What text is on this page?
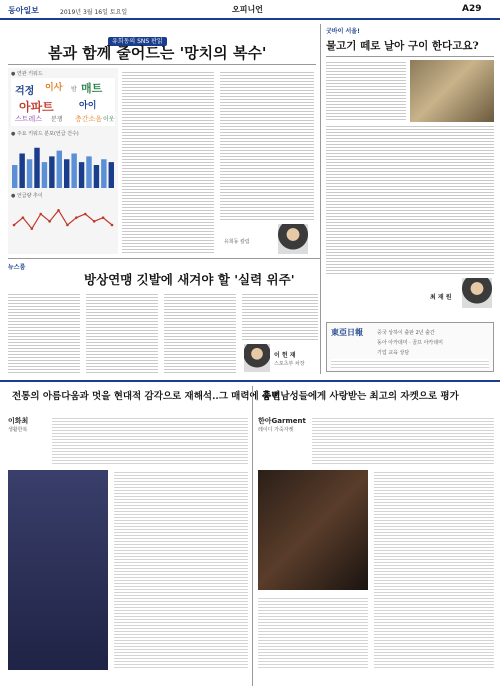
동아일보	2019년 3월 16일 토요일	오피니언	A29
유희동의 SNS 판읽
봄과 함께 줄어드는 '망치의 복수'
● 연관 키워드
걱정 이사 밤 매트
아파트	아이
스트레스 분쟁 층간소음 이웃
● 주요 키워드 분포(언급 건수)
● 언급량 추이
유희동 칼럼
굿바이 서울!
물고기 떼로 날아 구이 한다고요?
최 재 원
東亞日報	중국 상하이 출판 2년 출간
동아 아카데미 · 골프 아카데미
기업 교육 상담
뉴스룸
방상연맹 깃발에 새겨야 할 '실력 위주'
이 헌 재
스포츠부 차장
전통의 아름다움과 멋을 현대적 감각으로 재해석..그 매력에 흠뻑
이화최
생활한복
중년남성들에게 사랑받는 최고의 자켓으로 평가
한아Garment
레이디 가죽자켓
